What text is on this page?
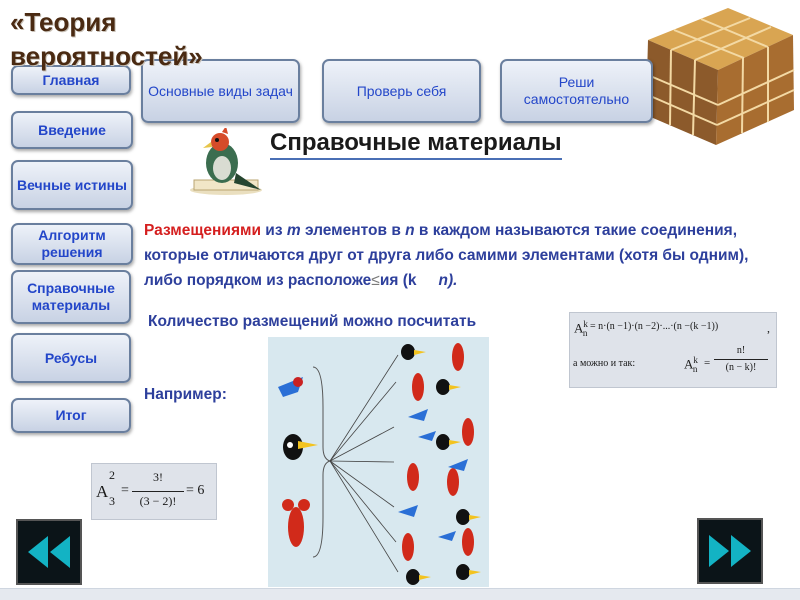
«Теория вероятностей»
Главная
Введение
Вечные истины
Алгоритм решения
Справочные материалы
Ребусы
Итог
Основные виды задач	Проверь себя
Реши самостоятельно
Справочные материалы
Размещениями из m элементов в n в каждом называются такие соединения, которые отличаются друг от друга либо самими элементами (хотя бы одним), либо порядком из расположе≤ия (k n).
Количество размещений можно посчитать	$A^k_n$
= n·(n −1)·(n −2)·...·(n −(k −1))	,
а можно и так:	$A^k_n$ =
n!
(n − k)!
Например:
A
2
3
=
3!
(3 − 2)!
= 6
